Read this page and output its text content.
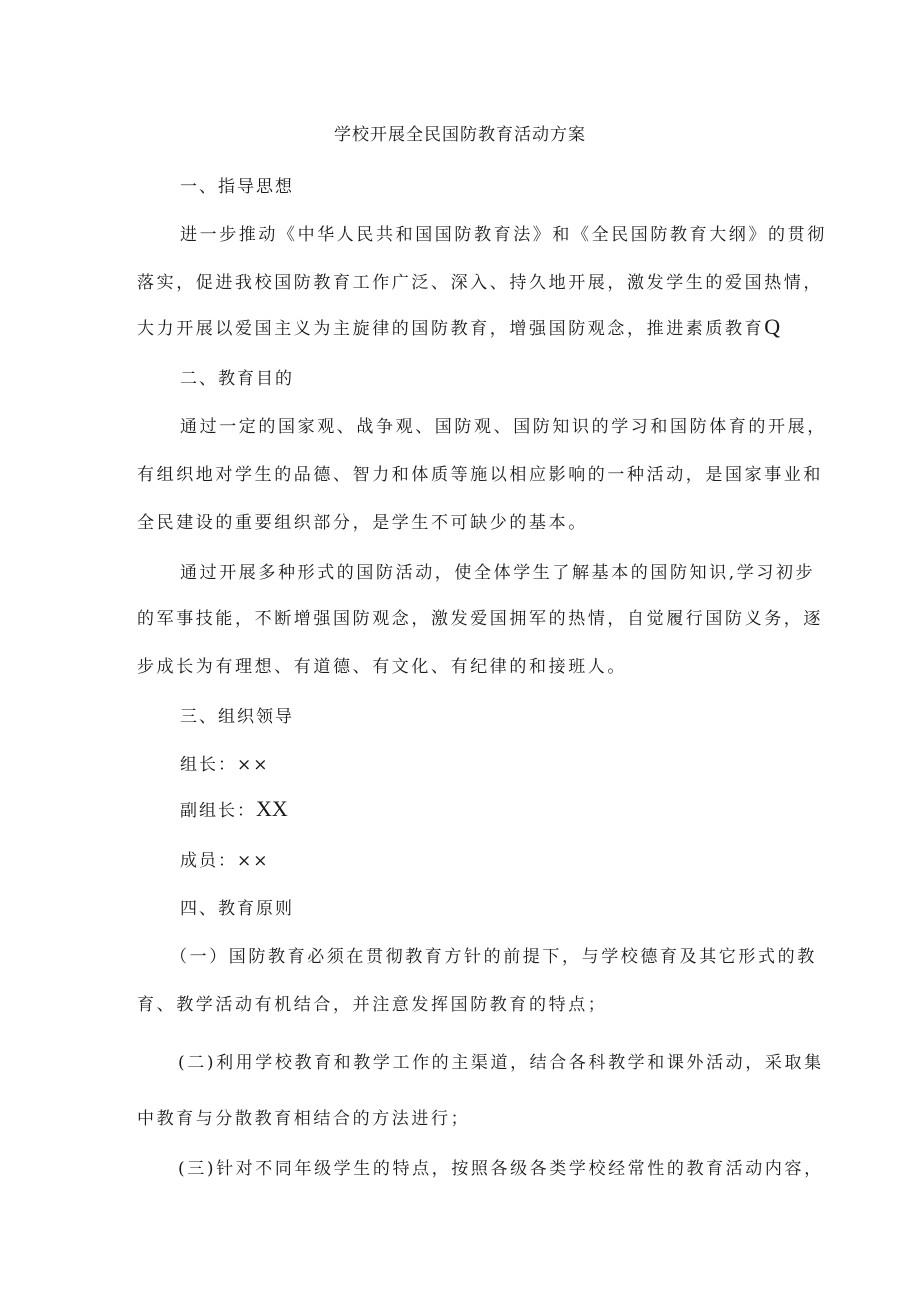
学校开展全民国防教育活动方案
一、指导思想
进一步推动《中华人民共和国国防教育法》和《全民国防教育大纲》的贯彻
落实，促进我校国防教育工作广泛、深入、持久地开展，激发学生的爱国热情，
大力开展以爱国主义为主旋律的国防教育，增强国防观念，推进素质教育Q
二、教育目的
通过一定的国家观、战争观、国防观、国防知识的学习和国防体育的开展，
有组织地对学生的品德、智力和体质等施以相应影响的一种活动，是国家事业和
全民建设的重要组织部分，是学生不可缺少的基本。
通过开展多种形式的国防活动，使全体学生了解基本的国防知识,学习初步
的军事技能，不断增强国防观念，激发爱国拥军的热情，自觉履行国防义务，逐
步成长为有理想、有道德、有文化、有纪律的和接班人。
三、组织领导
组长：××
副组长：XX
成员：××
四、教育原则
（一）国防教育必须在贯彻教育方针的前提下，与学校德育及其它形式的教
育、教学活动有机结合，并注意发挥国防教育的特点；
(二)利用学校教育和教学工作的主渠道，结合各科教学和课外活动，采取集
中教育与分散教育相结合的方法进行；
(三)针对不同年级学生的特点，按照各级各类学校经常性的教育活动内容，
